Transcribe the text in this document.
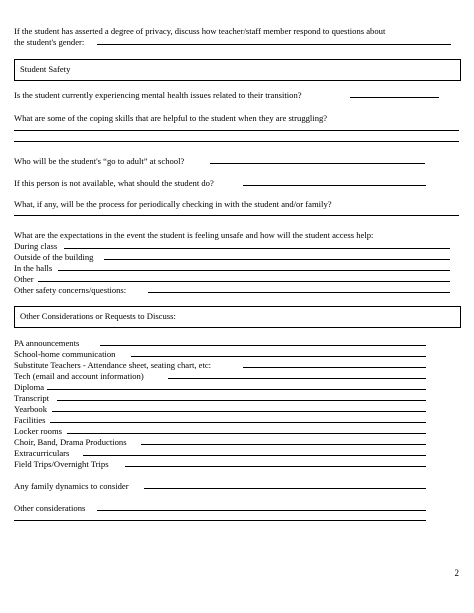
If the student has asserted a degree of privacy, discuss how teacher/staff member respond to questions about
the student's gender:
Student Safety
Is the student currently experiencing mental health issues related to their transition?
What are some of the coping skills that are helpful to the student when they are struggling?
Who will be the student's “go to adult” at school?
If this person is not available, what should the student do?
What, if any, will be the process for periodically checking in with the student and/or family?
What are the expectations in the event the student is feeling unsafe and how will the student access help:
During class
Outside of the building
In the halls
Other
Other safety concerns/questions:
Other Considerations or Requests to Discuss:
PA announcements
School-home communication
Substitute Teachers - Attendance sheet, seating chart, etc:
Tech (email and account information)
Diploma
Transcript
Yearbook
Facilities
Locker rooms
Choir, Band, Drama Productions
Extracurriculars
Field Trips/Overnight Trips
Any family dynamics to consider
Other considerations
2
